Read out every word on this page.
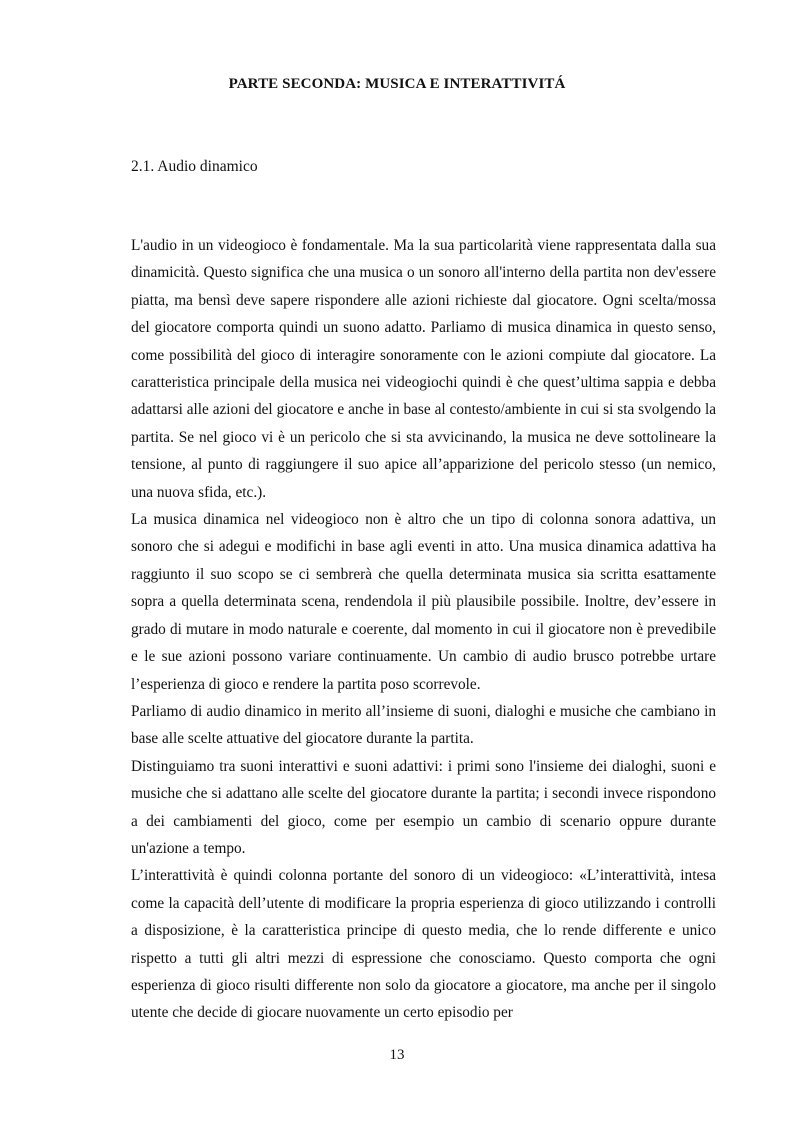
PARTE SECONDA: MUSICA E INTERATTIVITÁ
2.1. Audio dinamico

L'audio in un videogioco è fondamentale. Ma la sua particolarità viene rappresentata dalla sua dinamicità. Questo significa che una musica o un sonoro all'interno della partita non dev'essere piatta, ma bensì deve sapere rispondere alle azioni richieste dal giocatore. Ogni scelta/mossa del giocatore comporta quindi un suono adatto. Parliamo di musica dinamica in questo senso, come possibilità del gioco di interagire sonoramente con le azioni compiute dal giocatore. La caratteristica principale della musica nei videogiochi quindi è che quest’ultima sappia e debba adattarsi alle azioni del giocatore e anche in base al contesto/ambiente in cui si sta svolgendo la partita. Se nel gioco vi è un pericolo che si sta avvicinando, la musica ne deve sottolineare la tensione, al punto di raggiungere il suo apice all’apparizione del pericolo stesso (un nemico, una nuova sfida, etc.).

La musica dinamica nel videogioco non è altro che un tipo di colonna sonora adattiva, un sonoro che si adegui e modifichi in base agli eventi in atto. Una musica dinamica adattiva ha raggiunto il suo scopo se ci sembrerà che quella determinata musica sia scritta esattamente sopra a quella determinata scena, rendendola il più plausibile possibile. Inoltre, dev’essere in grado di mutare in modo naturale e coerente, dal momento in cui il giocatore non è prevedibile e le sue azioni possono variare continuamente. Un cambio di audio brusco potrebbe urtare l’esperienza di gioco e rendere la partita poso scorrevole.

Parliamo di audio dinamico in merito all’insieme di suoni, dialoghi e musiche che cambiano in base alle scelte attuative del giocatore durante la partita.

Distinguiamo tra suoni interattivi e suoni adattivi: i primi sono l'insieme dei dialoghi, suoni e musiche che si adattano alle scelte del giocatore durante la partita; i secondi invece rispondono a dei cambiamenti del gioco, come per esempio un cambio di scenario oppure durante un'azione a tempo.

L’interattività è quindi colonna portante del sonoro di un videogioco: «L’interattività, intesa come la capacità dell’utente di modificare la propria esperienza di gioco utilizzando i controlli a disposizione, è la caratteristica principe di questo media, che lo rende differente e unico rispetto a tutti gli altri mezzi di espressione che conosciamo. Questo comporta che ogni esperienza di gioco risulti differente non solo da giocatore a giocatore, ma anche per il singolo utente che decide di giocare nuovamente un certo episodio per

13
